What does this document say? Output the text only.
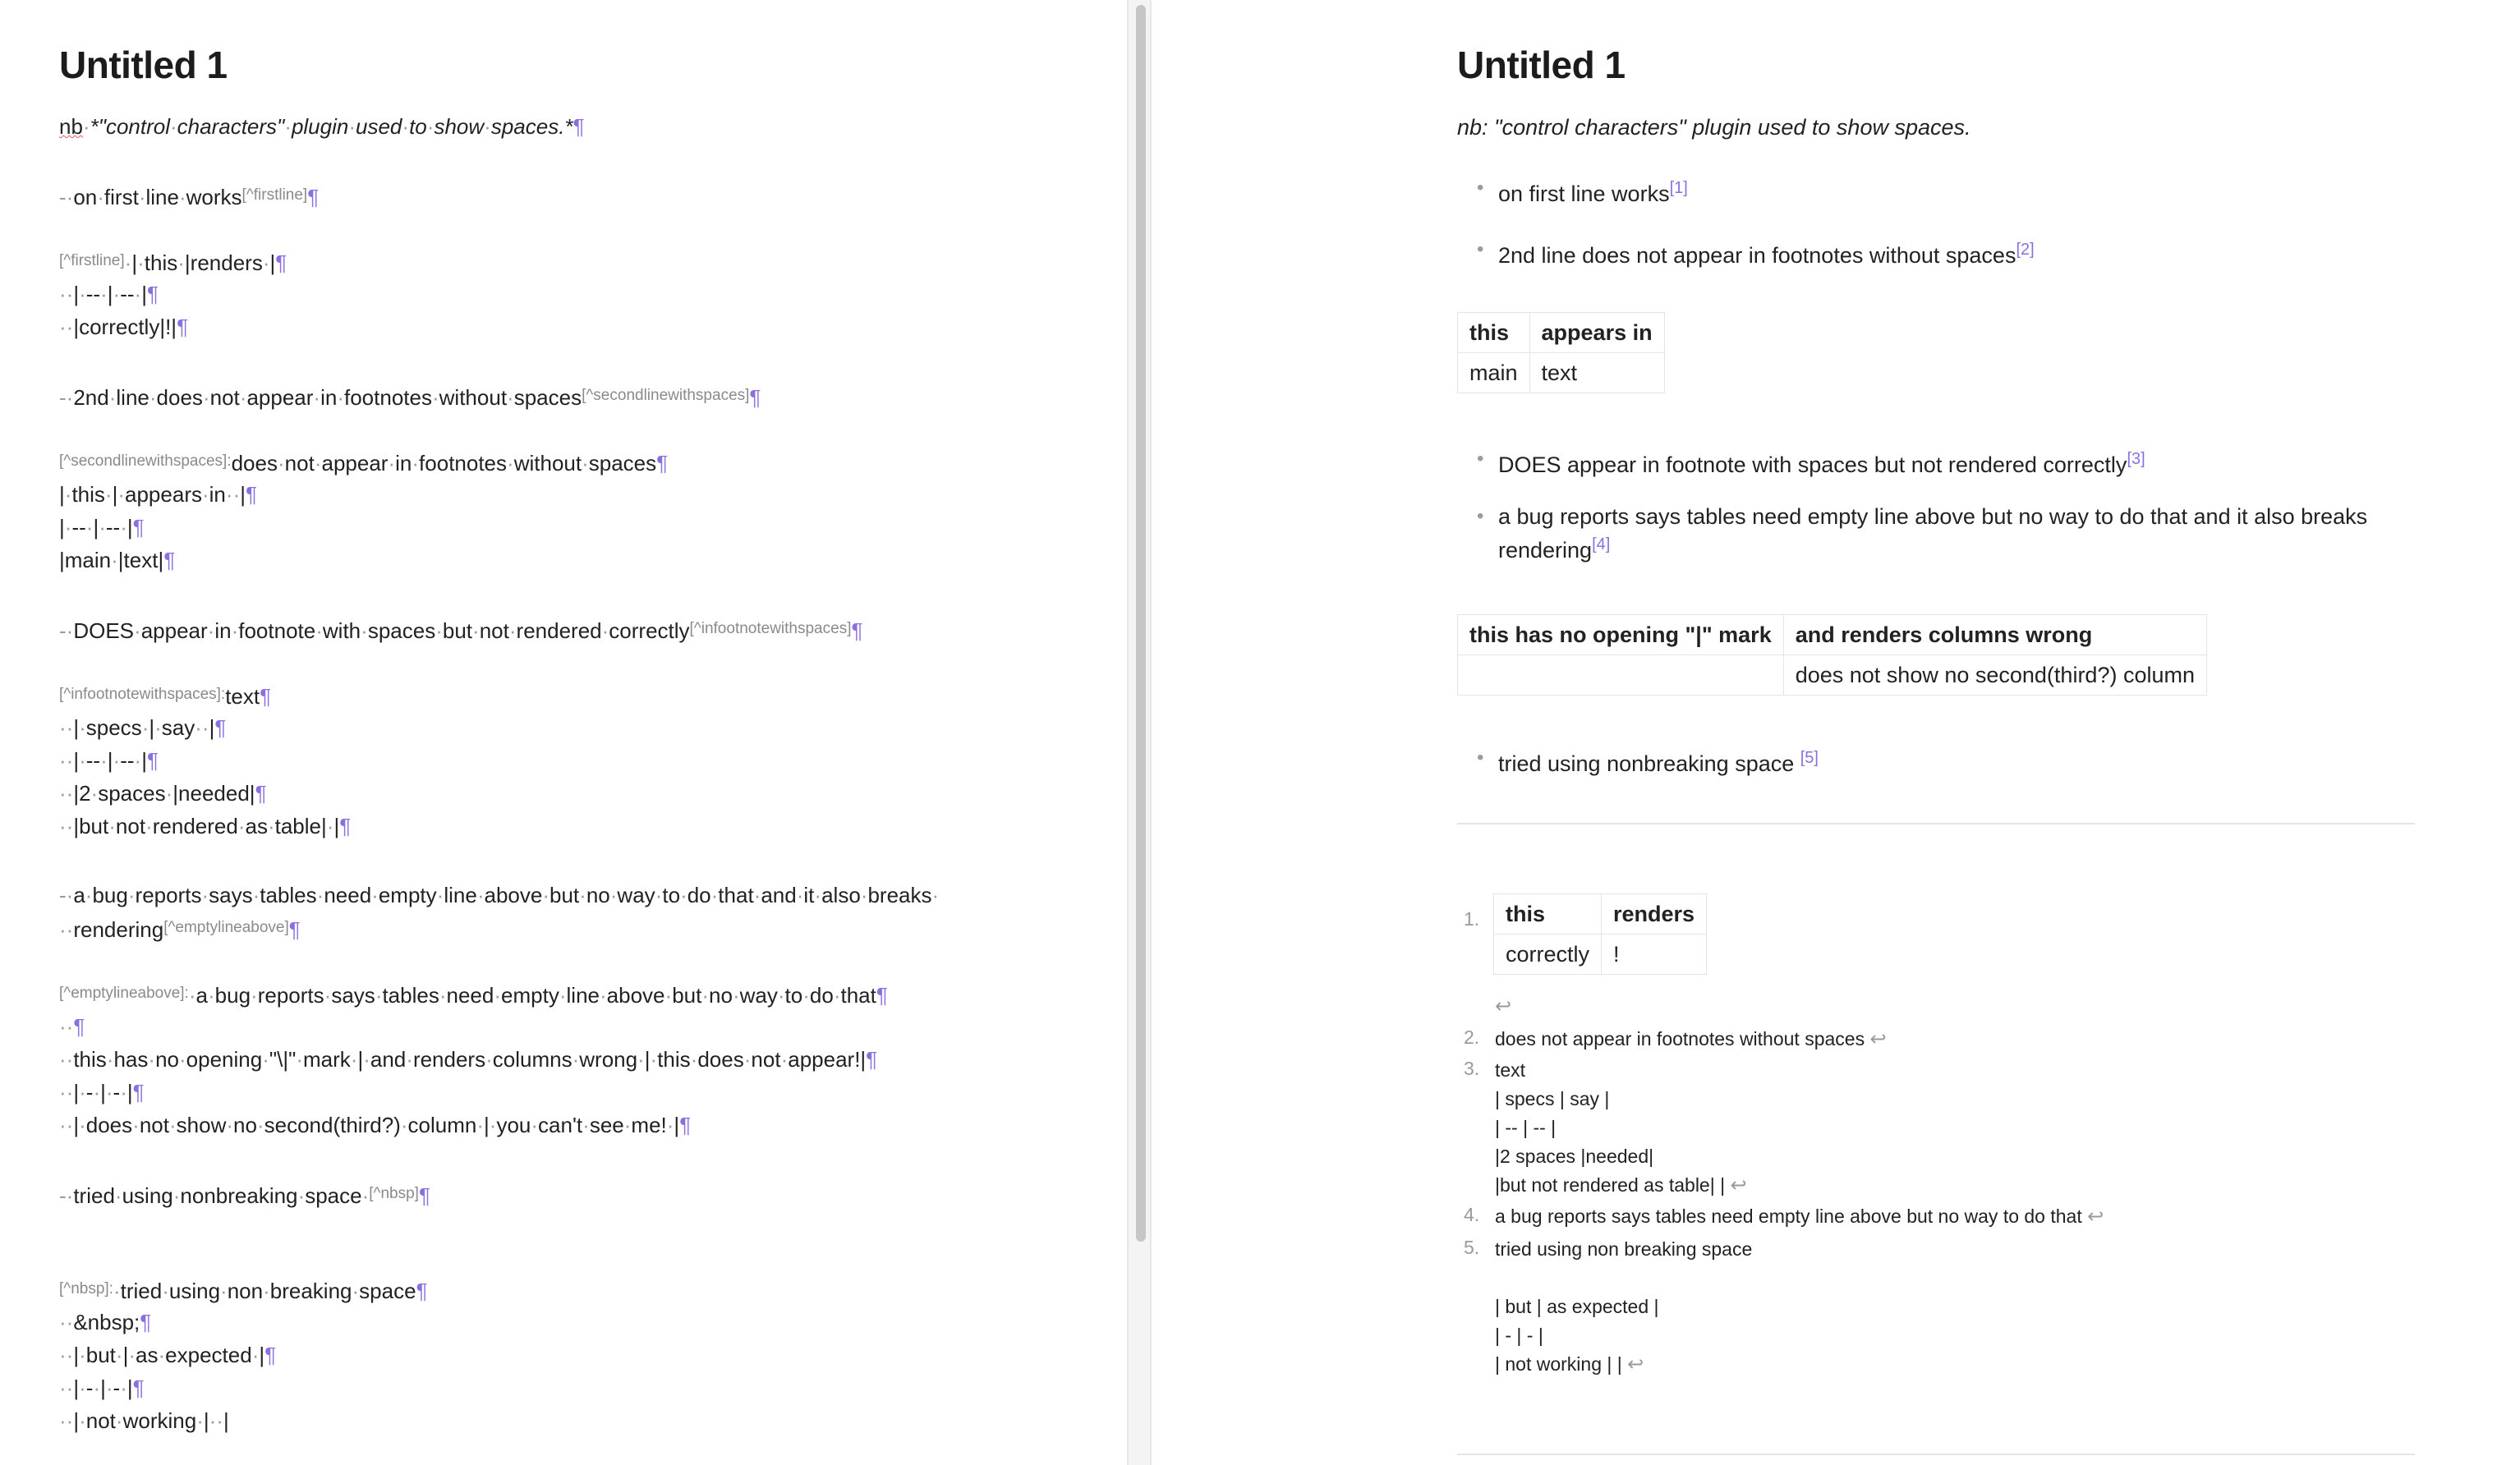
Untitled 1
nb·*"control·characters"·plugin·used·to·show·spaces.*¶
-·on·first·line·works[^firstline]¶
[^firstline]·|·this·|renders·|¶
··|·--·|·--·|¶
··|correctly|!|¶
-·2nd·line·does·not·appear·in·footnotes·without·spaces[^secondlinewithspaces]¶
$^{[\^{}secondlinewithspaces]:}$does·not·appear·in·footnotes·without·spaces¶
|·this·|·appears·in··|¶
|·--·|·--·|¶
|main·|text|¶
-·DOES·appear·in·footnote·with·spaces·but·not·rendered·correctly[^infootnotewithspaces]¶
$^{[\^{}infootnotewithspaces]:}$text¶
··|·specs·|·say··|¶
··|·--·|·--·|¶
··|2·spaces·|needed|¶
··|but·not·rendered·as·table|·|¶
-·a·bug·reports·says·tables·need·empty·line·above·but·no·way·to·do·that·and·it·also·breaks·
··rendering[^emptylineabove]¶
$^{[\^{}emptylineabove]:}$·a·bug·reports·says·tables·need·empty·line·above·but·no·way·to·do·that¶
··¶
··this·has·no·opening·"\|"·mark·|·and·renders·columns·wrong·|·this·does·not·appear!|¶
··|·-·|·-·|¶
··|·does·not·show·no·second(third?)·column·|·you·can't·see·me!·|¶
-·tried·using·nonbreaking·space·[^nbsp]¶
$^{[\^{}nbsp]:}$·tried·using·non·breaking·space¶
··&nbsp;¶
··|·but·|·as·expected·|¶
··|·-·|·-·|¶
··|·not·working·|··|
Untitled 1
nb: "control characters" plugin used to show spaces.
• on first line works[1]
• 2nd line does not appear in footnotes without spaces[2]
this	appears in
main	text
• DOES appear in footnote with spaces but not rendered correctly[3]
• a bug reports says tables need empty line above but no way to do that and it also breaks
rendering[4]
this has no opening "|" mark	and renders columns wrong
	does not show no second(third?) column
• tried using nonbreaking space [5]
1. this	renders
correctly	!
↩
2. does not appear in footnotes without spaces ↩
3. text
| specs | say |
| -- | -- |
|2 spaces |needed|
|but not rendered as table| | ↩
4. a bug reports says tables need empty line above but no way to do that ↩
5. tried using non breaking space

| but | as expected |
| - | - |
| not working | | ↩
